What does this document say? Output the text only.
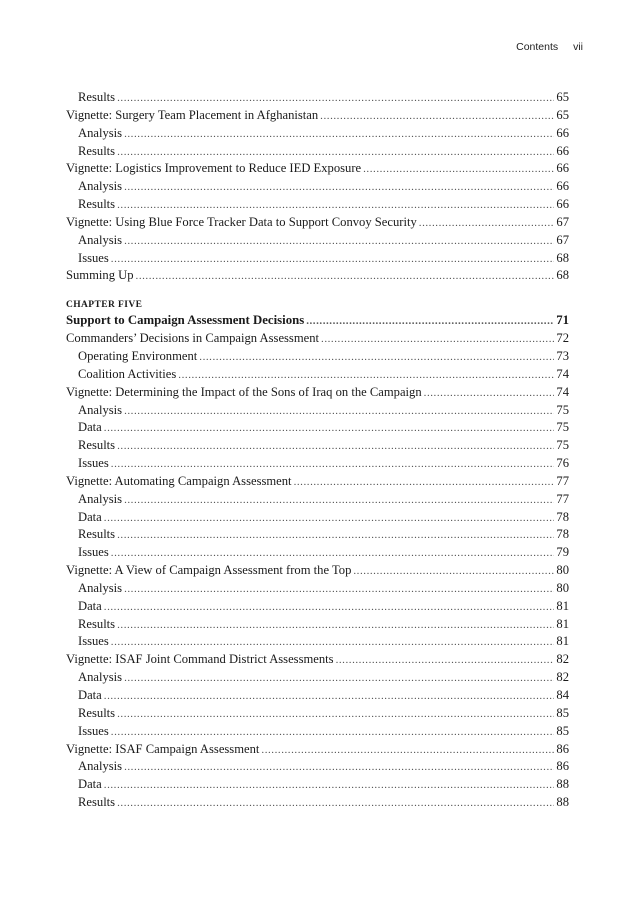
Contents vii
Results . . .	65
Vignette: Surgery Team Placement in Afghanistan . . .	65
Analysis . . .	66
Results . . .	66
Vignette: Logistics Improvement to Reduce IED Exposure . . .	66
Analysis . . .	66
Results . . .	66
Vignette: Using Blue Force Tracker Data to Support Convoy Security . . .	67
Analysis . . .	67
Issues . . .	68
Summing Up . . .	68
CHAPTER FIVE
Support to Campaign Assessment Decisions . . .	71
Commanders’ Decisions in Campaign Assessment . . .	72
Operating Environment . . .	73
Coalition Activities . . .	74
Vignette: Determining the Impact of the Sons of Iraq on the Campaign . . .	74
Analysis . . .	75
Data . . .	75
Results . . .	75
Issues . . .	76
Vignette: Automating Campaign Assessment . . .	77
Analysis . . .	77
Data . . .	78
Results . . .	78
Issues . . .	79
Vignette: A View of Campaign Assessment from the Top . . .	80
Analysis . . .	80
Data . . .	81
Results . . .	81
Issues . . .	81
Vignette: ISAF Joint Command District Assessments . . .	82
Analysis . . .	82
Data . . .	84
Results . . .	85
Issues . . .	85
Vignette: ISAF Campaign Assessment . . .	86
Analysis . . .	86
Data . . .	88
Results . . .	88
